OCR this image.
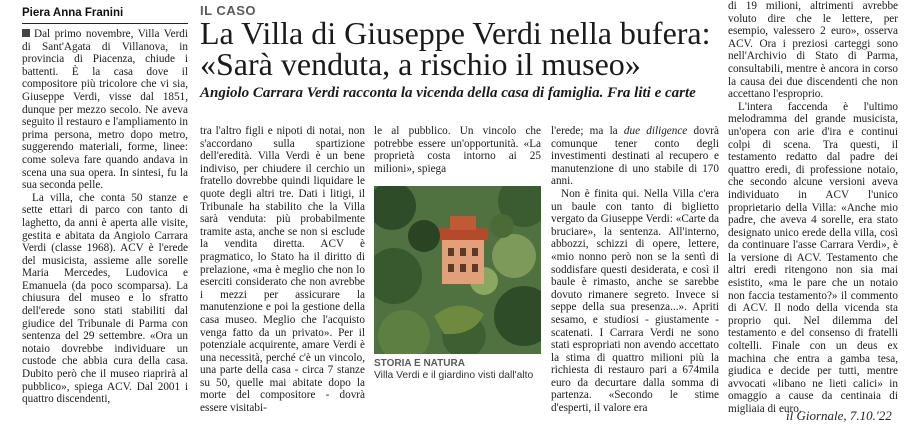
Piera Anna Franini	IL CASO
La Villa di Giuseppe Verdi nella bufera:
«Sarà venduta, a rischio il museo»
Angiolo Carrara Verdi racconta la vicenda della casa di famiglia. Fra liti e carte

Dal primo novembre, Villa Verdi di Sant'Agata di Villanova, in provincia di Piacenza, chiude i battenti. È la casa dove il compositore più tricolore che vi sia, Giuseppe Verdi, visse dal 1851, dunque per mezzo secolo. Ne aveva seguito il restauro e l'ampliamento in prima persona, metro dopo metro, suggerendo materiali, forme, linee: come soleva fare quando andava in scena una sua opera. In sintesi, fu la sua seconda pelle.

La villa, che conta 50 stanze e sette ettari di parco con tanto di laghetto, da anni è aperta alle visite, gestita e abitata da Angiolo Carrara Verdi (classe 1968). ACV è l'erede del musicista, assieme alle sorelle Maria Mercedes, Ludovica e Emanuela (da poco scomparsa). La chiusura del museo e lo sfratto dell'erede sono stati stabiliti dal giudice del Tribunale di Parma con sentenza del 29 settembre. «Ora un notaio dovrebbe individuare un custode che abbia cura della casa. Dubito però che il museo riaprirà al pubblico», spiega ACV. Dal 2001 i quattro discendenti,

tra l'altro figli e nipoti di notai, non s'accordano sulla spartizione dell'eredità. Villa Verdi è un bene indiviso, per chiudere il cerchio un fratello dovrebbe quindi liquidare le quote degli altri tre. Dati i litigi, il Tribunale ha stabilito che la Villa sarà venduta: più probabilmente tramite asta, anche se non si esclude la vendita diretta. ACV è pragmatico, lo Stato ha il diritto di prelazione, «ma è meglio che non lo eserciti considerato che non avrebbe i mezzi per assicurare la manutenzione e poi la gestione della casa museo. Meglio che l'acquisto venga fatto da un privato». Per il potenziale acquirente, amare Verdi è una necessità, perché c'è un vincolo, una parte della casa - circa 7 stanze su 50, quelle mai abitate dopo la morte del compositore - dovrà essere visitabi-

le al pubblico. Un vincolo che potrebbe essere un'opportunità. «La proprietà costa intorno ai 25 milioni», spiega

STORIA E NATURA
Villa Verdi e il giardino visti dall'alto

l'erede; ma la due diligence dovrà comunque tener conto degli investimenti destinati al recupero e manutenzione di uno stabile di 170 anni.

Non è finita qui. Nella Villa c'era un baule con tanto di biglietto vergato da Giuseppe Verdi: «Carte da bruciare», la sentenza. All'interno, abbozzi, schizzi di opere, lettere, «mio nonno però non se la sentì di soddisfare questi desiderata, e così il baule è rimasto, anche se sarebbe dovuto rimanere segreto. Invece si seppe della sua presenza...». Apriti sesamo, e studiosi - giustamente - scatenati. I Carrara Verdi ne sono stati espropriati non avendo accettato la stima di quattro milioni più la richiesta di restauro pari a 674mila euro da decurtare dalla somma di partenza. «Secondo le stime d'esperti, il valore era

di 19 milioni, altrimenti avrebbe voluto dire che le lettere, per esempio, valessero 2 euro», osserva ACV. Ora i preziosi carteggi sono nell'Archivio di Stato di Parma, consultabili, mentre è ancora in corso la causa dei due discendenti che non accettano l'esproprio.

L'intera faccenda è l'ultimo melodramma del grande musicista, un'opera con arie d'ira e continui colpi di scena. Tra questi, il testamento redatto dal padre dei quattro eredi, di professione notaio, che secondo alcune versioni aveva individuato in ACV l'unico proprietario della Villa: «Anche mio padre, che aveva 4 sorelle, era stato designato unico erede della villa, così da continuare l'asse Carrara Verdi», è la versione di ACV. Testamento che altri eredi ritengono non sia mai esistito, «ma le pare che un notaio non faccia testamento?» il commento di ACV. Il nodo della vicenda sta proprio qui. Nel dilemma del testamento e del consenso di fratelli coltelli. Finale con un deus ex machina che entra a gamba tesa, giudica e decide per tutti, mentre avvocati «libano ne lieti calici» in omaggio a cause da centinaia di migliaia di euro.

il Giornale, 7.10.'22
